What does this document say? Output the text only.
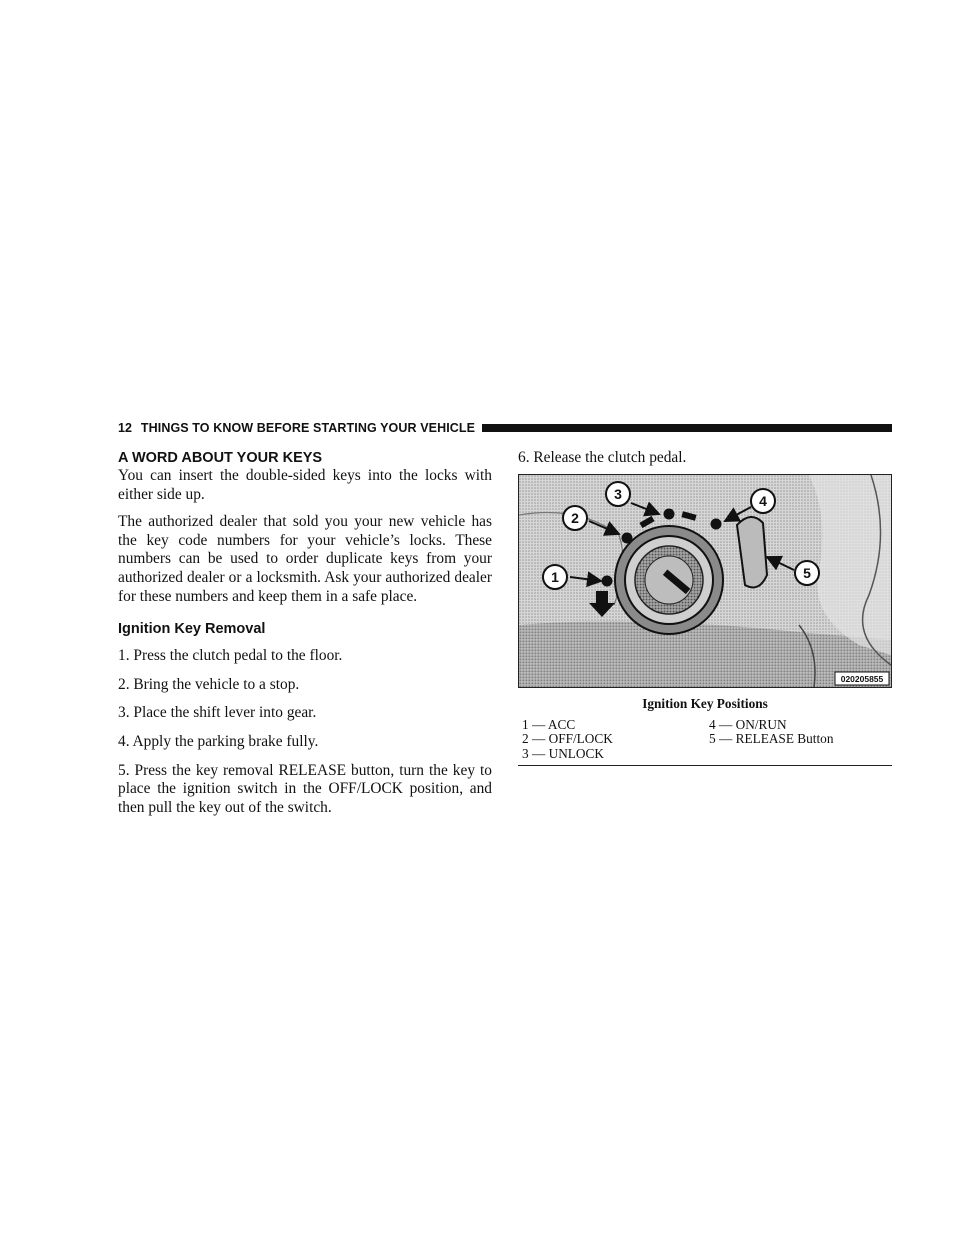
12 THINGS TO KNOW BEFORE STARTING YOUR VEHICLE
A WORD ABOUT YOUR KEYS

You can insert the double-sided keys into the locks with either side up.

The authorized dealer that sold you your new vehicle has the key code numbers for your vehicle’s locks. These numbers can be used to order duplicate keys from your authorized dealer or a locksmith. Ask your authorized dealer for these numbers and keep them in a safe place.

Ignition Key Removal

1. Press the clutch pedal to the floor.

2. Bring the vehicle to a stop.

3. Place the shift lever into gear.

4. Apply the parking brake fully.

5. Press the key removal RELEASE button, turn the key to place the ignition switch in the OFF/LOCK position, and then pull the key out of the switch.

6. Release the clutch pedal.

1
2
3	4
5
020205855
Ignition Key Positions
1 — ACC	4 — ON/RUN
2 — OFF/LOCK	5 — RELEASE Button
3 — UNLOCK
